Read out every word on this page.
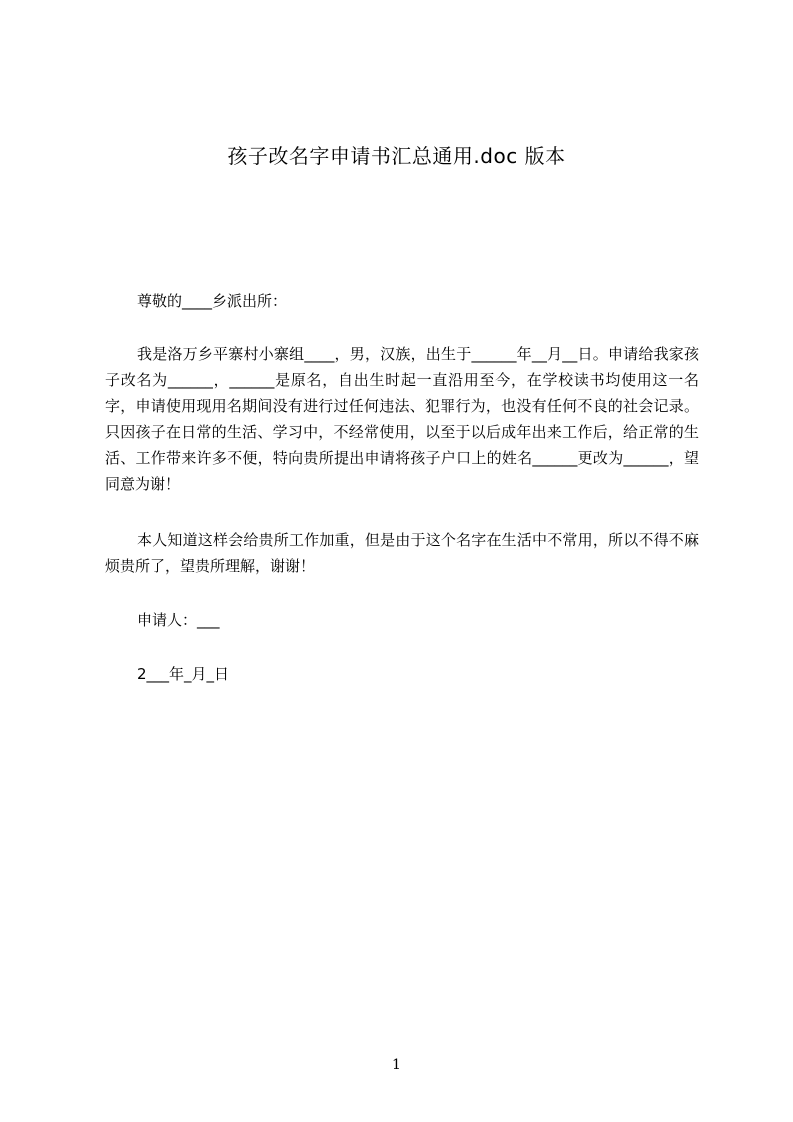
孩子改名字申请书汇总通用.doc 版本

尊敬的____乡派出所：

我是洛万乡平寨村小寨组____，男，汉族，出生于______年__月__日。申请给我家孩子改名为______，______是原名，自出生时起一直沿用至今，在学校读书均使用这一名字，申请使用现用名期间没有进行过任何违法、犯罪行为，也没有任何不良的社会记录。只因孩子在日常的生活、学习中，不经常使用，以至于以后成年出来工作后，给正常的生活、工作带来许多不便，特向贵所提出申请将孩子户口上的姓名______更改为______，望同意为谢！

本人知道这样会给贵所工作加重，但是由于这个名字在生活中不常用，所以不得不麻烦贵所了，望贵所理解，谢谢！

申请人：___

2___年_月_日

1
